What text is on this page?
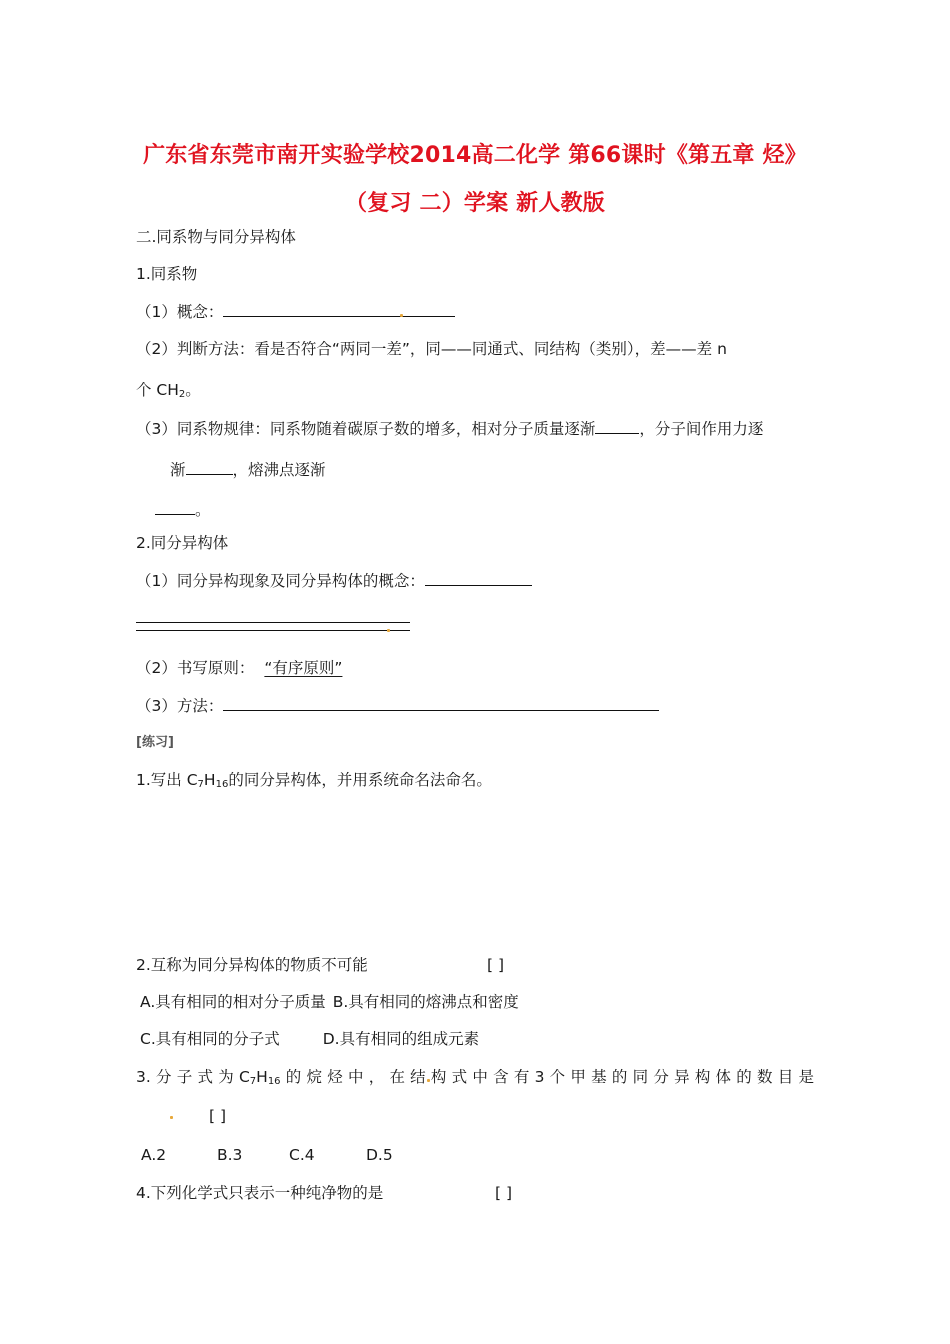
广东省东莞市南开实验学校2014高二化学 第66课时《第五章 烃》
（复习 二）学案 新人教版
二.同系物与同分异构体
1.同系物
（1）概念：
（2）判断方法：看是否符合“两同一差”，同——同通式、同结构（类别），差——差 n
个 $CH_2$。
（3）同系物规律：同系物随着碳原子数的增多，相对分子质量逐渐	，分子间作用力逐
渐	，熔沸点逐渐
。
2.同分异构体
（1）同分异构现象及同分异构体的概念：
（2）书写原则： “有序原则”
（3）方法：
[练习]
1.写出 $C_7H_{16}$的同分异构体，并用系统命名法命名。
2.互称为同分异构体的物质不可能	[ ]
A.具有相同的相对分子质量 B.具有相同的熔沸点和密度
C.具有相同的分子式	D.具有相同的组成元素
3. 分 子 式 为 $C_7H_{16}$ 的 烷 烃 中 ， 在 结 构 式 中 含 有 3 个 甲 基 的 同 分 异 构 体 的 数 目 是
[ ]
A.2	B.3	C.4	D.5
4.下列化学式只表示一种纯净物的是	[ ]
